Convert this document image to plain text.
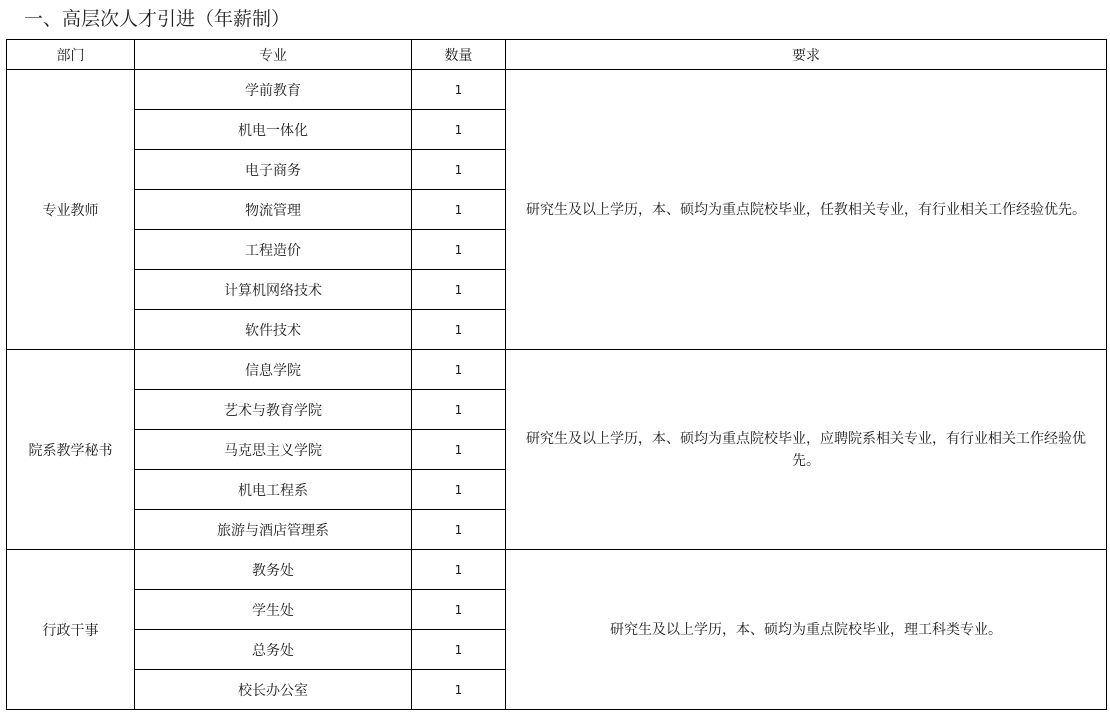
一、高层次人才引进（年薪制）
部门	专业	数量	要求
专业教师	学前教育	1	研究生及以上学历，本、硕均为重点院校毕业，任教相关专业，有行业相关工作经验优先。
	机电一体化	1	
	电子商务	1	
	物流管理	1	
	工程造价	1	
	计算机网络技术	1	
	软件技术	1	
院系教学秘书	信息学院	1	研究生及以上学历，本、硕均为重点院校毕业，应聘院系相关专业，有行业相关工作经验优先。
	艺术与教育学院	1	
	马克思主义学院	1	
	机电工程系	1	
	旅游与酒店管理系	1	
行政干事	教务处	1	研究生及以上学历，本、硕均为重点院校毕业，理工科类专业。
	学生处	1	
	总务处	1	
	校长办公室	1	
